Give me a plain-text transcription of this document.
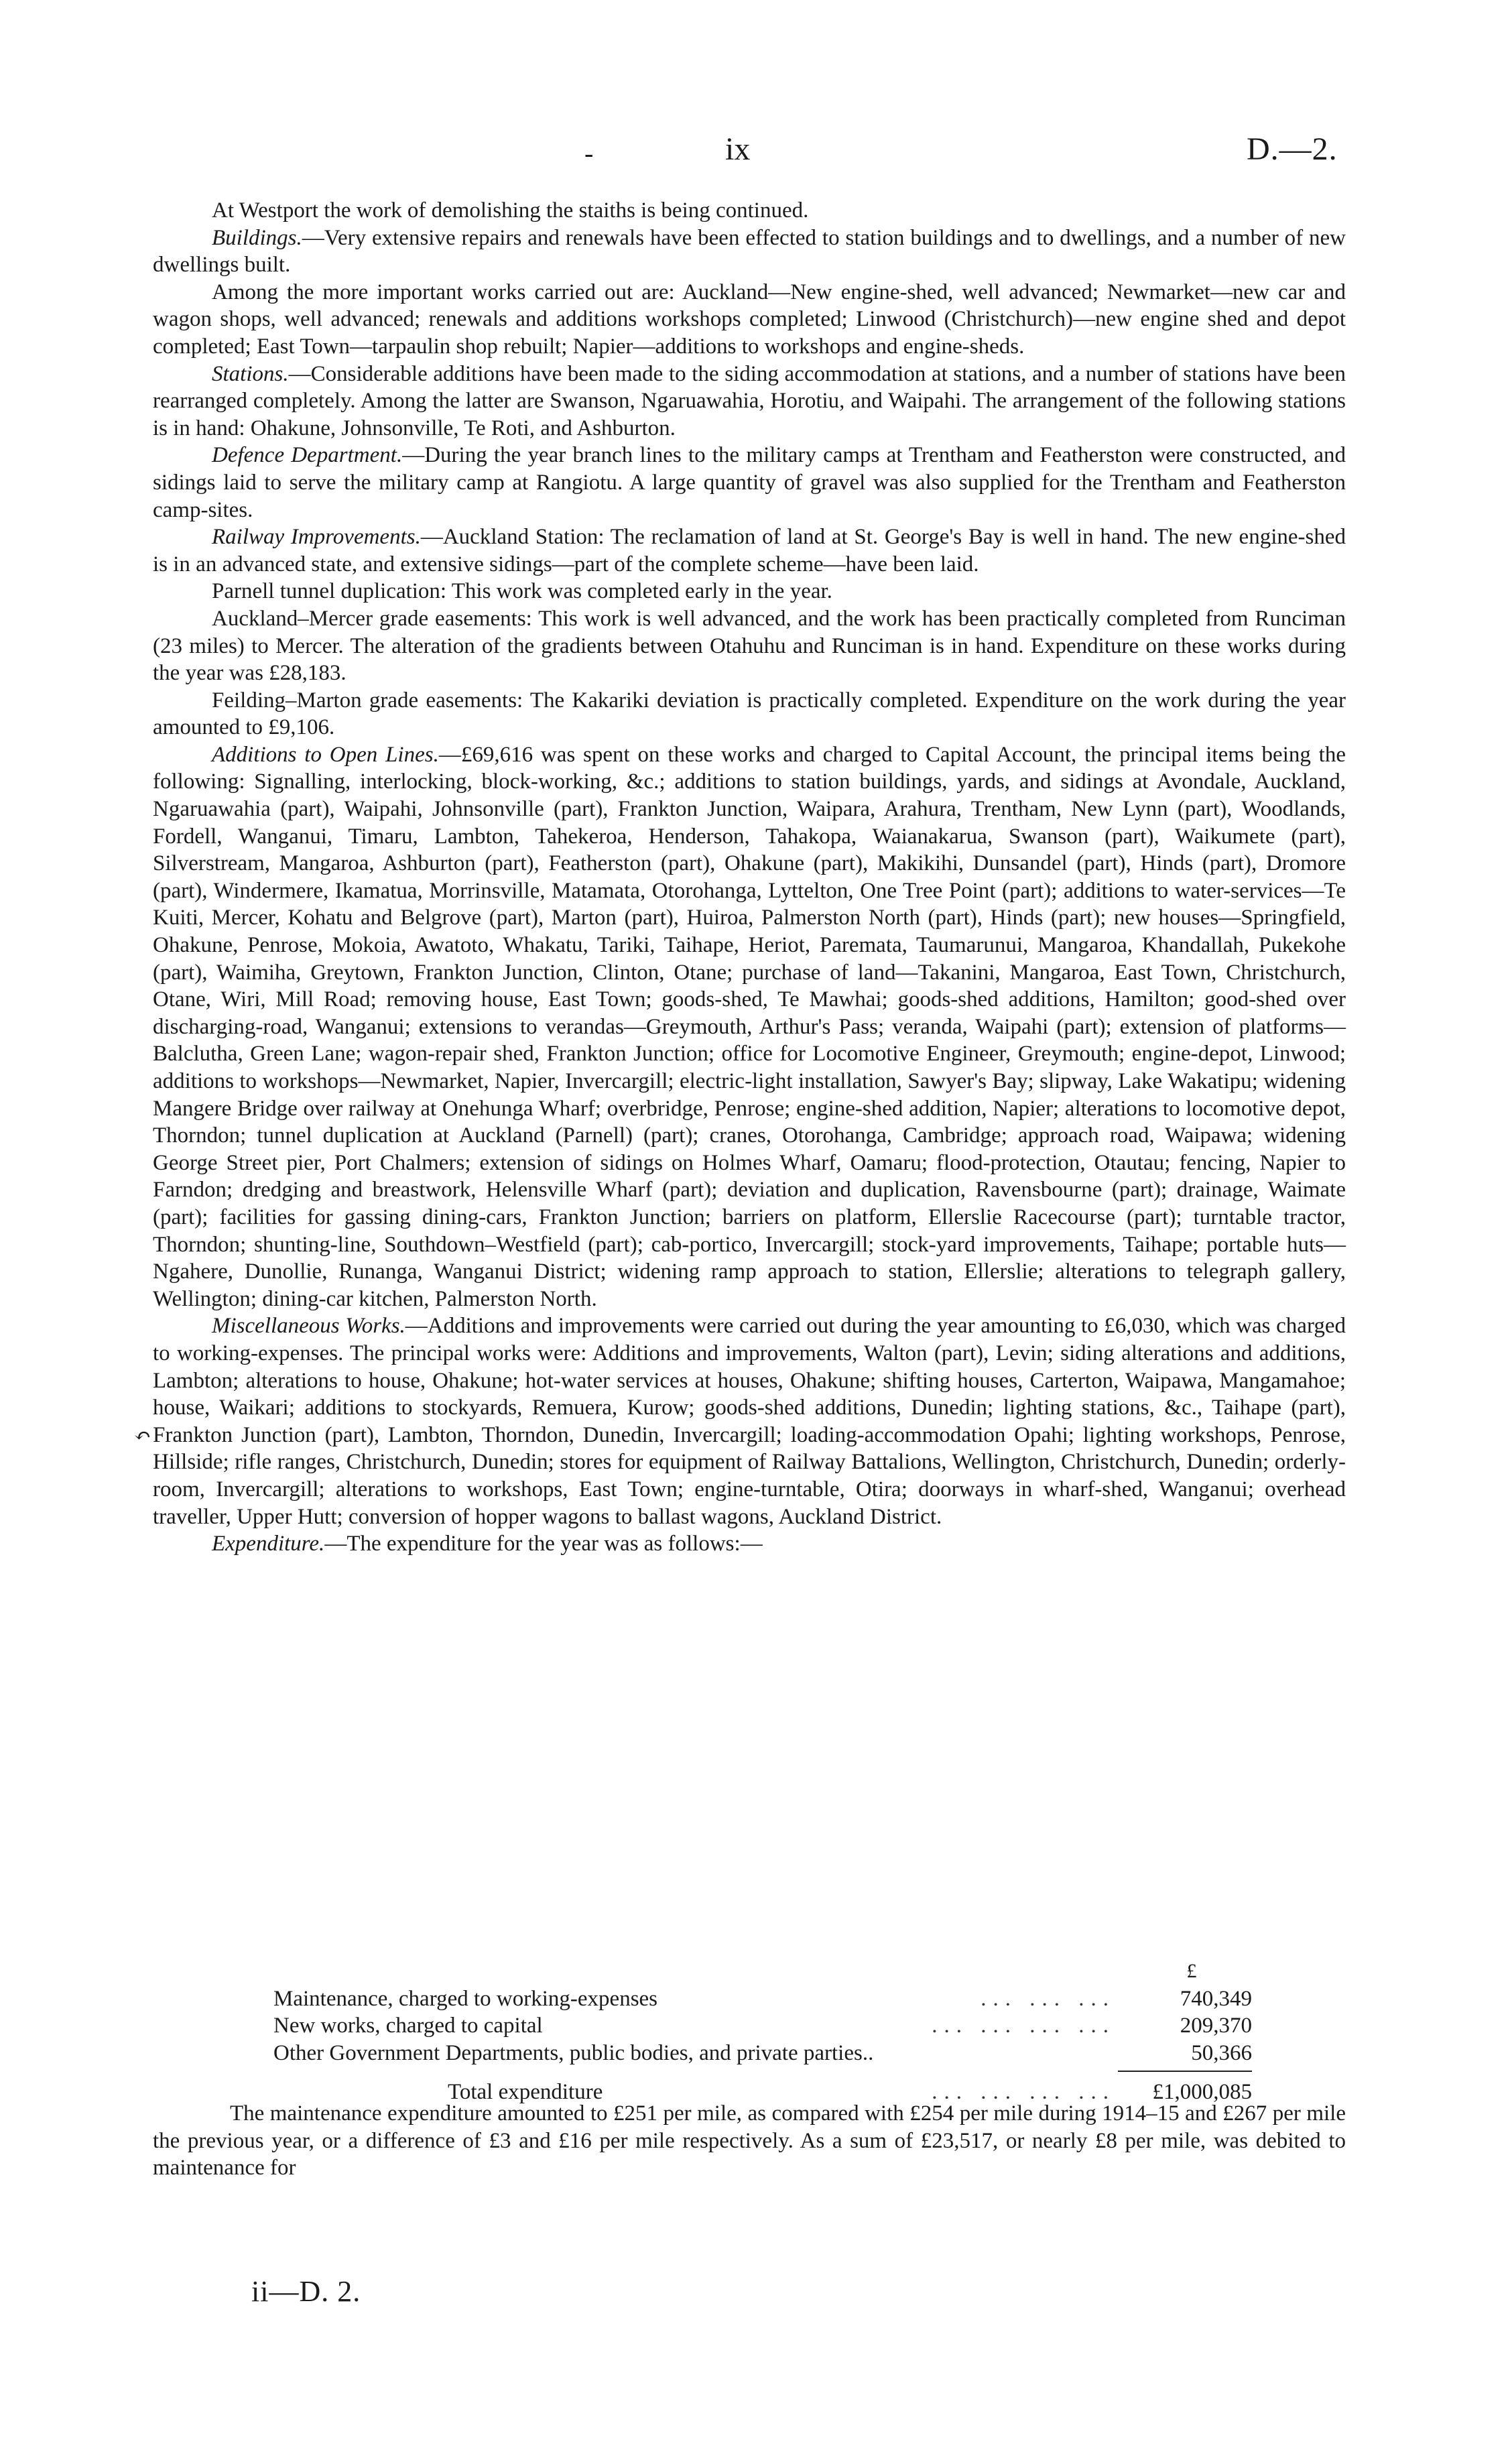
-	ix	D.—2.

At Westport the work of demolishing the staiths is being continued.

Buildings.—Very extensive repairs and renewals have been effected to station buildings and to dwellings, and a number of new dwellings built.

Among the more important works carried out are: Auckland—New engine-shed, well advanced; Newmarket—new car and wagon shops, well advanced; renewals and additions workshops completed; Linwood (Christchurch)—new engine shed and depot completed; East Town—tarpaulin shop rebuilt; Napier—additions to workshops and engine-sheds.

Stations.—Considerable additions have been made to the siding accommodation at stations, and a number of stations have been rearranged completely. Among the latter are Swanson, Ngaruawahia, Horotiu, and Waipahi. The arrangement of the following stations is in hand: Ohakune, Johnsonville, Te Roti, and Ashburton.

Defence Department.—During the year branch lines to the military camps at Trentham and Featherston were constructed, and sidings laid to serve the military camp at Rangiotu. A large quantity of gravel was also supplied for the Trentham and Featherston camp-sites.

Railway Improvements.—Auckland Station: The reclamation of land at St. George's Bay is well in hand. The new engine-shed is in an advanced state, and extensive sidings—part of the complete scheme—have been laid.

Parnell tunnel duplication: This work was completed early in the year.

Auckland–Mercer grade easements: This work is well advanced, and the work has been practically completed from Runciman (23 miles) to Mercer. The alteration of the gradients between Otahuhu and Runciman is in hand. Expenditure on these works during the year was £28,183.

Feilding–Marton grade easements: The Kakariki deviation is practically completed. Expenditure on the work during the year amounted to £9,106.

Additions to Open Lines.—£69,616 was spent on these works and charged to Capital Account, the principal items being the following: Signalling, interlocking, block-working, &c.; additions to station buildings, yards, and sidings at Avondale, Auckland, Ngaruawahia (part), Waipahi, Johnsonville (part), Frankton Junction, Waipara, Arahura, Trentham, New Lynn (part), Woodlands, Fordell, Wanganui, Timaru, Lambton, Tahekeroa, Henderson, Tahakopa, Waianakarua, Swanson (part), Waikumete (part), Silverstream, Mangaroa, Ashburton (part), Featherston (part), Ohakune (part), Makikihi, Dunsandel (part), Hinds (part), Dromore (part), Windermere, Ikamatua, Morrinsville, Matamata, Otorohanga, Lyttelton, One Tree Point (part); additions to water-services—Te Kuiti, Mercer, Kohatu and Belgrove (part), Marton (part), Huiroa, Palmerston North (part), Hinds (part); new houses—Springfield, Ohakune, Penrose, Mokoia, Awatoto, Whakatu, Tariki, Taihape, Heriot, Paremata, Taumarunui, Mangaroa, Khandallah, Pukekohe (part), Waimiha, Greytown, Frankton Junction, Clinton, Otane; purchase of land—Takanini, Mangaroa, East Town, Christchurch, Otane, Wiri, Mill Road; removing house, East Town; goods-shed, Te Mawhai; goods-shed additions, Hamilton; good-shed over discharging-road, Wanganui; extensions to verandas—Greymouth, Arthur's Pass; veranda, Waipahi (part); extension of platforms—Balclutha, Green Lane; wagon-repair shed, Frankton Junction; office for Locomotive Engineer, Greymouth; engine-depot, Linwood; additions to workshops—Newmarket, Napier, Invercargill; electric-light installation, Sawyer's Bay; slipway, Lake Wakatipu; widening Mangere Bridge over railway at Onehunga Wharf; overbridge, Penrose; engine-shed addition, Napier; alterations to locomotive depot, Thorndon; tunnel duplication at Auckland (Parnell) (part); cranes, Otorohanga, Cambridge; approach road, Waipawa; widening George Street pier, Port Chalmers; extension of sidings on Holmes Wharf, Oamaru; flood-protection, Otautau; fencing, Napier to Farndon; dredging and breastwork, Helensville Wharf (part); deviation and duplication, Ravensbourne (part); drainage, Waimate (part); facilities for gassing dining-cars, Frankton Junction; barriers on platform, Ellerslie Racecourse (part); turntable tractor, Thorndon; shunting-line, Southdown–Westfield (part); cab-portico, Invercargill; stock-yard improvements, Taihape; portable huts—Ngahere, Dunollie, Runanga, Wanganui District; widening ramp approach to station, Ellerslie; alterations to telegraph gallery, Wellington; dining-car kitchen, Palmerston North.

Miscellaneous Works.—Additions and improvements were carried out during the year amounting to £6,030, which was charged to working-expenses. The principal works were: Additions and improvements, Walton (part), Levin; siding alterations and additions, Lambton; alterations to house, Ohakune; hot-water services at houses, Ohakune; shifting houses, Carterton, Waipawa, Mangamahoe; house, Waikari; additions to stockyards, Remuera, Kurow; goods-shed additions, Dunedin; lighting stations, &c., Taihape (part), Frankton Junction (part), Lambton, Thorndon, Dunedin, Invercargill; loading-accommodation Opahi; lighting workshops, Penrose, Hillside; rifle ranges, Christchurch, Dunedin; stores for equipment of Railway Battalions, Wellington, Christchurch, Dunedin; orderly-room, Invercargill; alterations to workshops, East Town; engine-turntable, Otira; doorways in wharf-shed, Wanganui; overhead traveller, Upper Hutt; conversion of hopper wagons to ballast wagons, Auckland District.

Expenditure.—The expenditure for the year was as follows:—

↶
£
Maintenance, charged to working-expenses	... ... ...	740,349
New works, charged to capital	... ... ... ...	209,370
Other Government Departments, public bodies, and private parties..	50,366
Total expenditure	... ... ... ...	£1,000,085

The maintenance expenditure amounted to £251 per mile, as compared with £254 per mile during 1914–15 and £267 per mile the previous year, or a difference of £3 and £16 per mile respectively. As a sum of £23,517, or nearly £8 per mile, was debited to maintenance for

ii—D. 2.
